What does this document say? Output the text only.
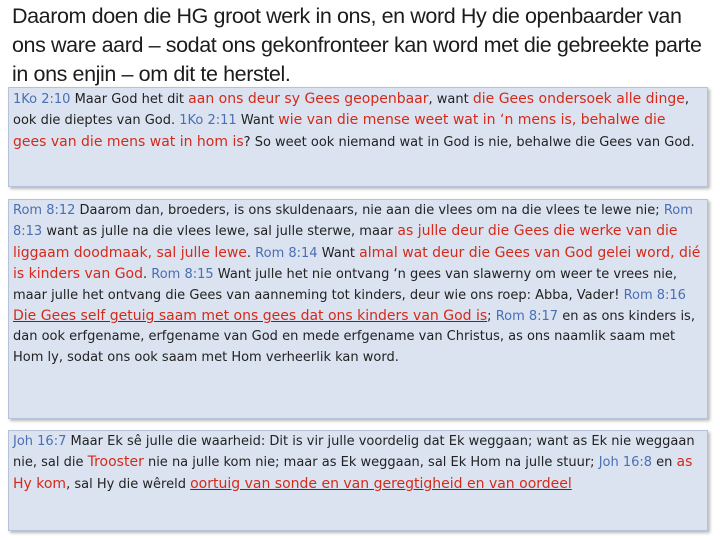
Daarom doen die HG groot werk in ons, en word Hy die openbaarder van ons ware aard – sodat ons gekonfronteer kan word met die gebreekte parte in ons enjin – om dit te herstel.
1Ko 2:10 Maar God het dit aan ons deur sy Gees geopenbaar, want die Gees ondersoek alle dinge, ook die dieptes van God. 1Ko 2:11 Want wie van die mense weet wat in ‘n mens is, behalwe die gees van die mens wat in hom is? So weet ook niemand wat in God is nie, behalwe die Gees van God.
Rom 8:12 Daarom dan, broeders, is ons skuldenaars, nie aan die vlees om na die vlees te lewe nie; Rom 8:13 want as julle na die vlees lewe, sal julle sterwe, maar as julle deur die Gees die werke van die liggaam doodmaak, sal julle lewe. Rom 8:14 Want almal wat deur die Gees van God gelei word, dié is kinders van God. Rom 8:15 Want julle het nie ontvang ‘n gees van slawerny om weer te vrees nie, maar julle het ontvang die Gees van aanneming tot kinders, deur wie ons roep: Abba, Vader! Rom 8:16 Die Gees self getuig saam met ons gees dat ons kinders van God is; Rom 8:17 en as ons kinders is, dan ook erfgename, erfgename van God en mede erfgename van Christus, as ons naamlik saam met Hom ly, sodat ons ook saam met Hom verheerlik kan word.
Joh 16:7 Maar Ek sê julle die waarheid: Dit is vir julle voordelig dat Ek weggaan; want as Ek nie weggaan nie, sal die Trooster nie na julle kom nie; maar as Ek weggaan, sal Ek Hom na julle stuur; Joh 16:8 en as Hy kom, sal Hy die wêreld oortuig van sonde en van geregtigheid en van oordeel
